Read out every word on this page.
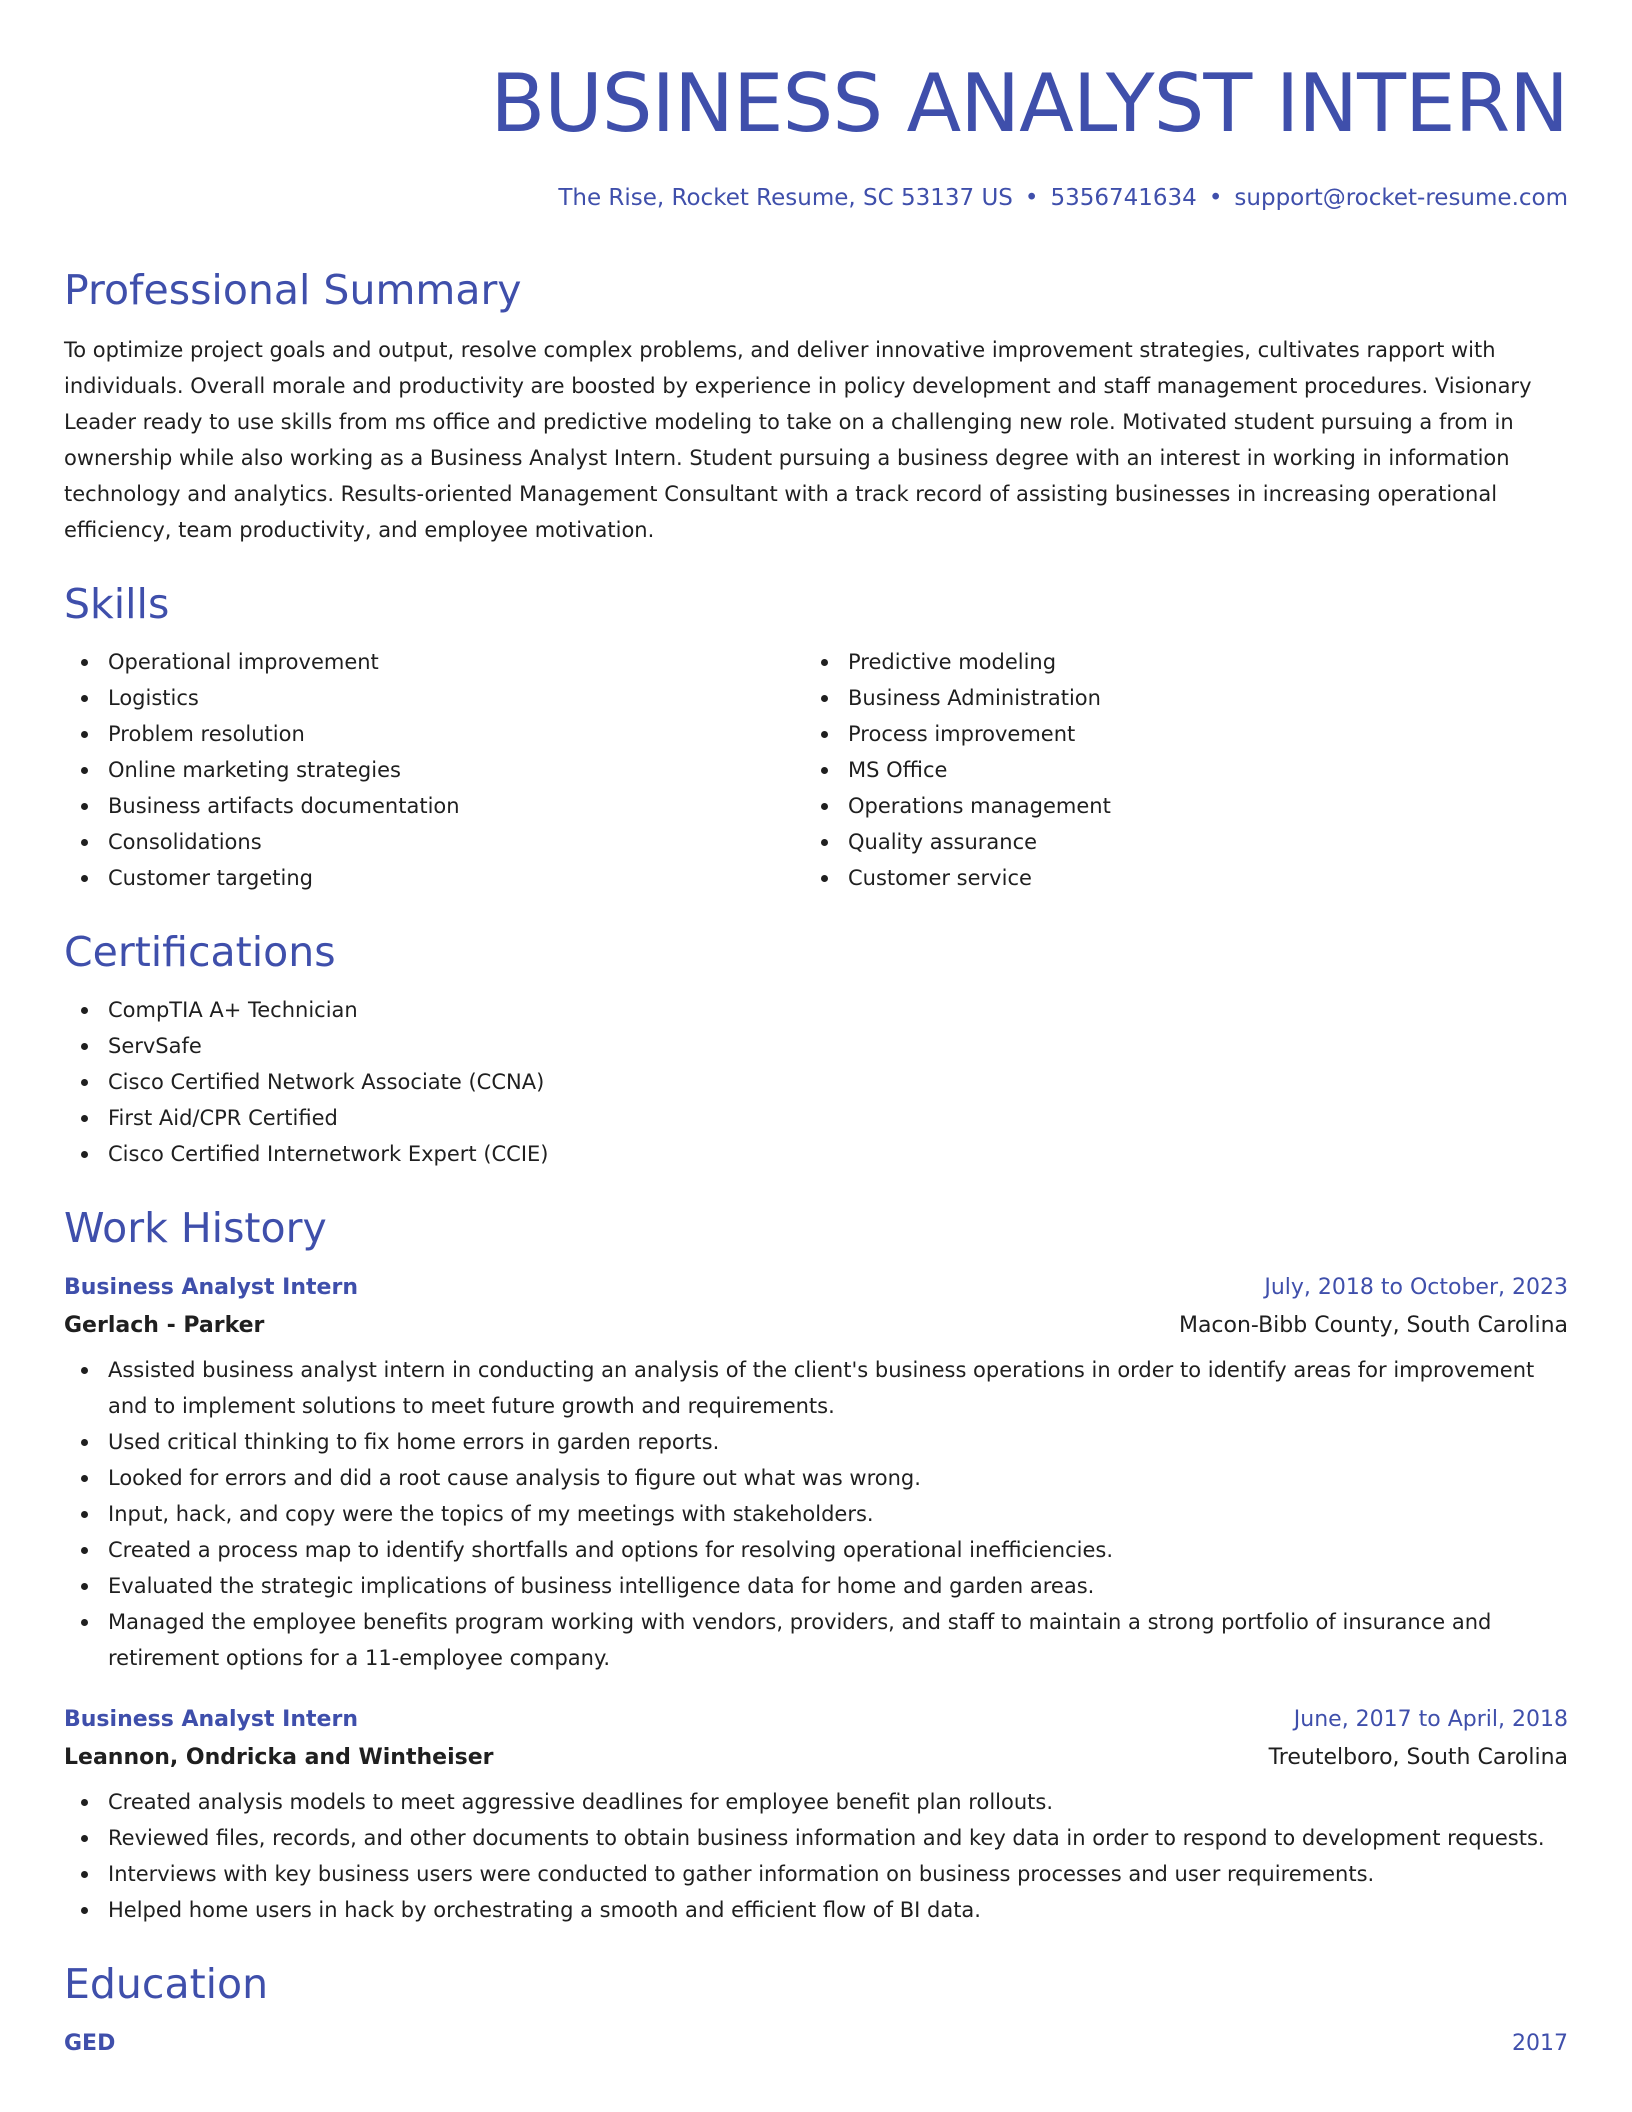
BUSINESS ANALYST INTERN
The Rise, Rocket Resume, SC 53137 US • 5356741634 • support@rocket-resume.com
Professional Summary

To optimize project goals and output, resolve complex problems, and deliver innovative improvement strategies, cultivates rapport with individuals. Overall morale and productivity are boosted by experience in policy development and staff management procedures. Visionary Leader ready to use skills from ms office and predictive modeling to take on a challenging new role. Motivated student pursuing a from in ownership while also working as a Business Analyst Intern. Student pursuing a business degree with an interest in working in information technology and analytics. Results-oriented Management Consultant with a track record of assisting businesses in increasing operational efficiency, team productivity, and employee motivation.

Skills
Operational improvement
Logistics
Problem resolution
Online marketing strategies
Business artifacts documentation
Consolidations
Customer targeting
Predictive modeling
Business Administration
Process improvement
MS Office
Operations management
Quality assurance
Customer service
Certifications
CompTIA A+ Technician
ServSafe
Cisco Certified Network Associate (CCNA)
First Aid/CPR Certified
Cisco Certified Internetwork Expert (CCIE)
Work History
Business Analyst Intern	July, 2018 to October, 2023
Gerlach - Parker	Macon-Bibb County, South Carolina
Assisted business analyst intern in conducting an analysis of the client's business operations in order to identify areas for improvement and to implement solutions to meet future growth and requirements.
Used critical thinking to fix home errors in garden reports.
Looked for errors and did a root cause analysis to figure out what was wrong.
Input, hack, and copy were the topics of my meetings with stakeholders.
Created a process map to identify shortfalls and options for resolving operational inefficiencies.
Evaluated the strategic implications of business intelligence data for home and garden areas.
Managed the employee benefits program working with vendors, providers, and staff to maintain a strong portfolio of insurance and retirement options for a 11-employee company.
Business Analyst Intern	June, 2017 to April, 2018
Leannon, Ondricka and Wintheiser	Treutelboro, South Carolina
Created analysis models to meet aggressive deadlines for employee benefit plan rollouts.
Reviewed files, records, and other documents to obtain business information and key data in order to respond to development requests.
Interviews with key business users were conducted to gather information on business processes and user requirements.
Helped home users in hack by orchestrating a smooth and efficient flow of BI data.
Education
GED	2017
